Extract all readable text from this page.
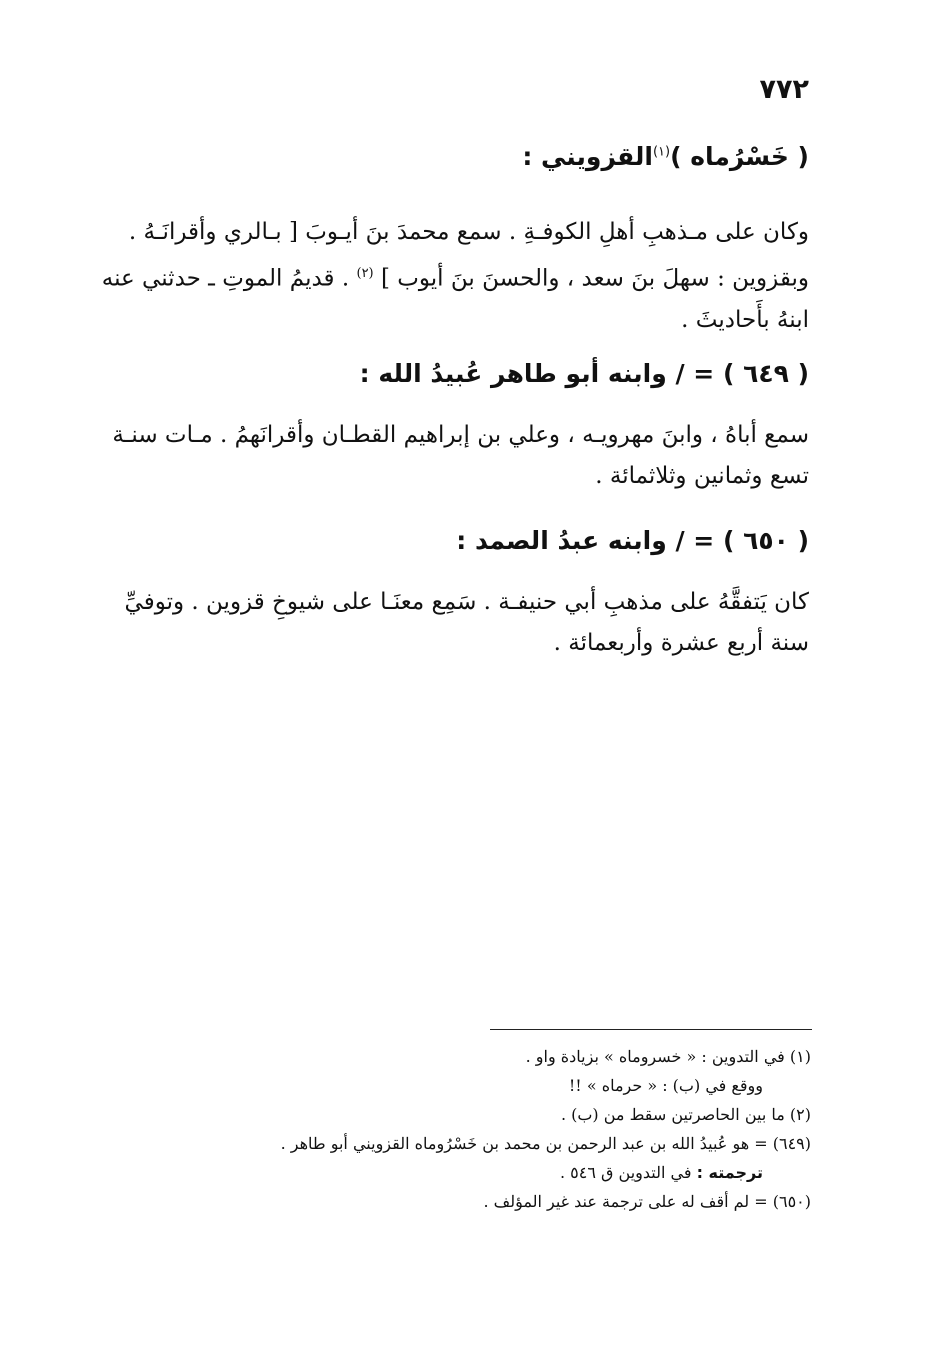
٧٧٢
( خَسْرُماه )$^{(١)}$القزويني :
وكان على مـذهبِ أهلِ الكوفـةِ . سمع محمدَ بنَ أيـوبَ [ بـالري وأقرانَـهُ .
وبقزوين : سهلَ بنَ سعد ، والحسنَ بنَ أيوب ] $^{(٢)}$ . قديمُ الموتِ ـ حدثني عنه
ابنهُ بأَحاديثَ .
( ٦٤٩ ) = / وابنه أبو طاهر عُبيدُ الله :
سمع أباهُ ، وابنَ مهرويـه ، وعلي بن إبراهيم القطـان وأقرانَهمُ . مـات سنـة
تسع وثمانين وثلاثمائة .
( ٦٥٠ ) = / وابنه عبدُ الصمد :
كان يَتفقَّهُ على مذهبِ أبي حنيفـة . سَمِع معنَـا على شيوخِ قزوين . وتوفيِّ
سنة أربع عشرة وأربعمائة .
(١) في التدوين : « خسروماه » بزيادة واو .
ووقع في (ب) : « حرماه » !!
(٢) ما بين الحاصرتين سقط من (ب) .
(٦٤٩) = هو عُبيدُ الله بن عبد الرحمن بن محمد بن خَسْرُوماه القزويني أبو طاهر .
ترجمته : في التدوين ق ٥٤٦ .
(٦٥٠) = لم أقف له على ترجمة عند غير المؤلف .
